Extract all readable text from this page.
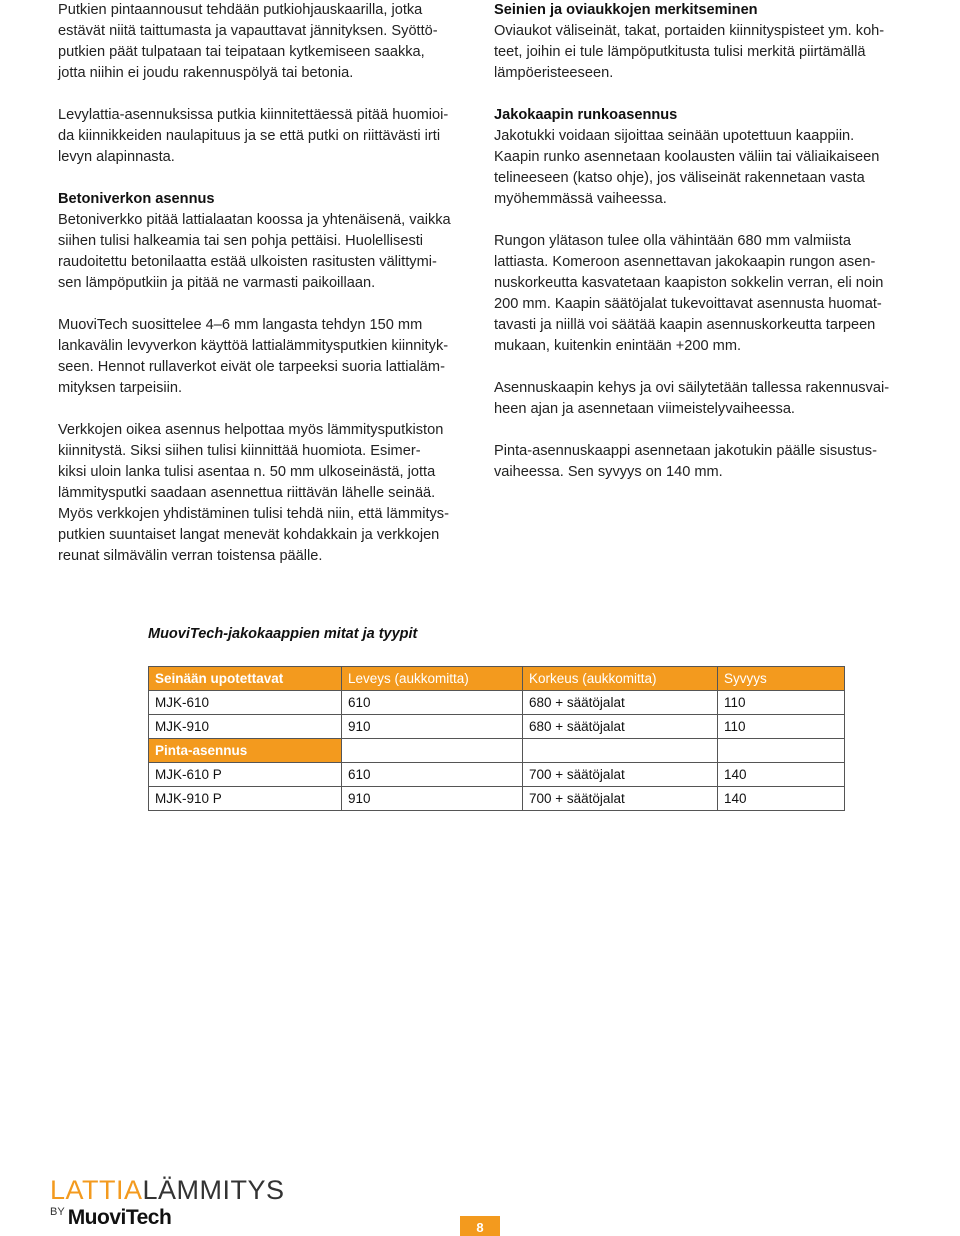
Putkien pintaannousut tehdään putkiohjauskaarilla, jotka
estävät niitä taittumasta ja vapauttavat jännityksen. Syöttö-
putkien päät tulpataan tai teipataan kytkemiseen saakka,
jotta niihin ei joudu rakennuspölyä tai betonia.

Levylattia-asennuksissa putkia kiinnitettäessä pitää huomioi-
da kiinnikkeiden naulapituus ja se että putki on riittävästi irti
levyn alapinnasta.

Betoniverkon asennus
Betoniverkko pitää lattialaatan koossa ja yhtenäisenä, vaikka
siihen tulisi halkeamia tai sen pohja pettäisi. Huolellisesti
raudoitettu betonilaatta estää ulkoisten rasitusten välittymi-
sen lämpöputkiin ja pitää ne varmasti paikoillaan.

MuoviTech suosittelee 4–6 mm langasta tehdyn 150 mm
lankavälin levyverkon käyttöä lattialämmitysputkien kiinnityk-
seen. Hennot rullaverkot eivät ole tarpeeksi suoria lattialäm-
mityksen tarpeisiin.

Verkkojen oikea asennus helpottaa myös lämmitysputkiston
kiinnitystä. Siksi siihen tulisi kiinnittää huomiota. Esimer-
kiksi uloin lanka tulisi asentaa n. 50 mm ulkoseinästä, jotta
lämmitysputki saadaan asennettua riittävän lähelle seinää.
Myös verkkojen yhdistäminen tulisi tehdä niin, että lämmitys-
putkien suuntaiset langat menevät kohdakkain ja verkkojen
reunat silmävälin verran toistensa päälle.

Seinien ja oviaukkojen merkitseminen
Oviaukot väliseinät, takat, portaiden kiinnityspisteet ym. koh-
teet, joihin ei tule lämpöputkitusta tulisi merkitä piirtämällä
lämpöeristeeseen.

Jakokaapin runkoasennus
Jakotukki voidaan sijoittaa seinään upotettuun kaappiin.
Kaapin runko asennetaan koolausten väliin tai väliaikaiseen
telineeseen (katso ohje), jos väliseinät rakennetaan vasta
myöhemmässä vaiheessa.

Rungon ylätason tulee olla vähintään 680 mm valmiista
lattiasta. Komeroon asennettavan jakokaapin rungon asen-
nuskorkeutta kasvatetaan kaapiston sokkelin verran, eli noin
200 mm. Kaapin säätöjalat tukevoittavat asennusta huomat-
tavasti ja niillä voi säätää kaapin asennuskorkeutta tarpeen
mukaan, kuitenkin enintään +200 mm.

Asennuskaapin kehys ja ovi säilytetään tallessa rakennusvai-
heen ajan ja asennetaan viimeistelyvaiheessa.

Pinta-asennuskaappi asennetaan jakotukin päälle sisustus-
vaiheessa. Sen syvyys on 140 mm.

MuoviTech-jakokaappien mitat ja tyypit
Seinään upotettavat	Leveys (aukkomitta)	Korkeus (aukkomitta)	Syvyys
MJK-610	610	680 + säätöjalat	110
MJK-910	910	680 + säätöjalat	110
Pinta-asennus			
MJK-610 P	610	700 + säätöjalat	140
MJK-910 P	910	700 + säätöjalat	140
LATTIALÄMMITYS
$^{BY}$ MuoviTech	8
